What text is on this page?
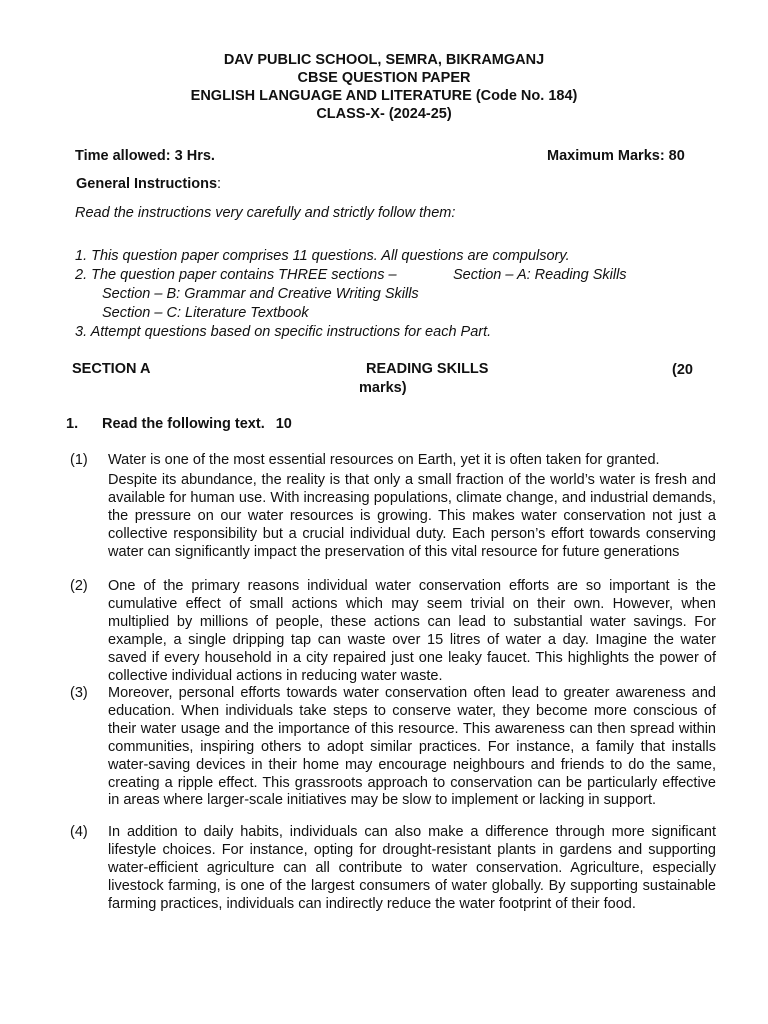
DAV PUBLIC SCHOOL, SEMRA, BIKRAMGANJ
CBSE QUESTION PAPER
ENGLISH LANGUAGE AND LITERATURE (Code No. 184)
CLASS-X- (2024-25)
Time allowed: 3 Hrs.	Maximum Marks: 80
General Instructions:
Read the instructions very carefully and strictly follow them:
1. This question paper comprises 11 questions. All questions are compulsory.
2. The question paper contains THREE sections –	Section – A: Reading Skills
Section – B: Grammar and Creative Writing Skills
Section – C: Literature Textbook
3. Attempt questions based on specific instructions for each Part.
SECTION A	READING SKILLS	(20
marks)
1. Read the following text. 10
(1) Water is one of the most essential resources on Earth, yet it is often taken for granted.
Despite its abundance, the reality is that only a small fraction of the world’s water is fresh and available for human use. With increasing populations, climate change, and industrial demands, the pressure on our water resources is growing. This makes water conservation not just a collective responsibility but a crucial individual duty. Each person’s effort towards conserving water can significantly impact the preservation of this vital resource for future generations
(2) One of the primary reasons individual water conservation efforts are so important is the cumulative effect of small actions which may seem trivial on their own. However, when multiplied by millions of people, these actions can lead to substantial water savings. For example, a single dripping tap can waste over 15 litres of water a day. Imagine the water saved if every household in a city repaired just one leaky faucet. This highlights the power of collective individual actions in reducing water waste.
(3) Moreover, personal efforts towards water conservation often lead to greater awareness and education. When individuals take steps to conserve water, they become more conscious of their water usage and the importance of this resource. This awareness can then spread within communities, inspiring others to adopt similar practices. For instance, a family that installs water-saving devices in their home may encourage neighbours and friends to do the same, creating a ripple effect. This grassroots approach to conservation can be particularly effective in areas where larger-scale initiatives may be slow to implement or lacking in support.
(4) In addition to daily habits, individuals can also make a difference through more significant lifestyle choices. For instance, opting for drought-resistant plants in gardens and supporting water-efficient agriculture can all contribute to water conservation. Agriculture, especially livestock farming, is one of the largest consumers of water globally. By supporting sustainable farming practices, individuals can indirectly reduce the water footprint of their food.
